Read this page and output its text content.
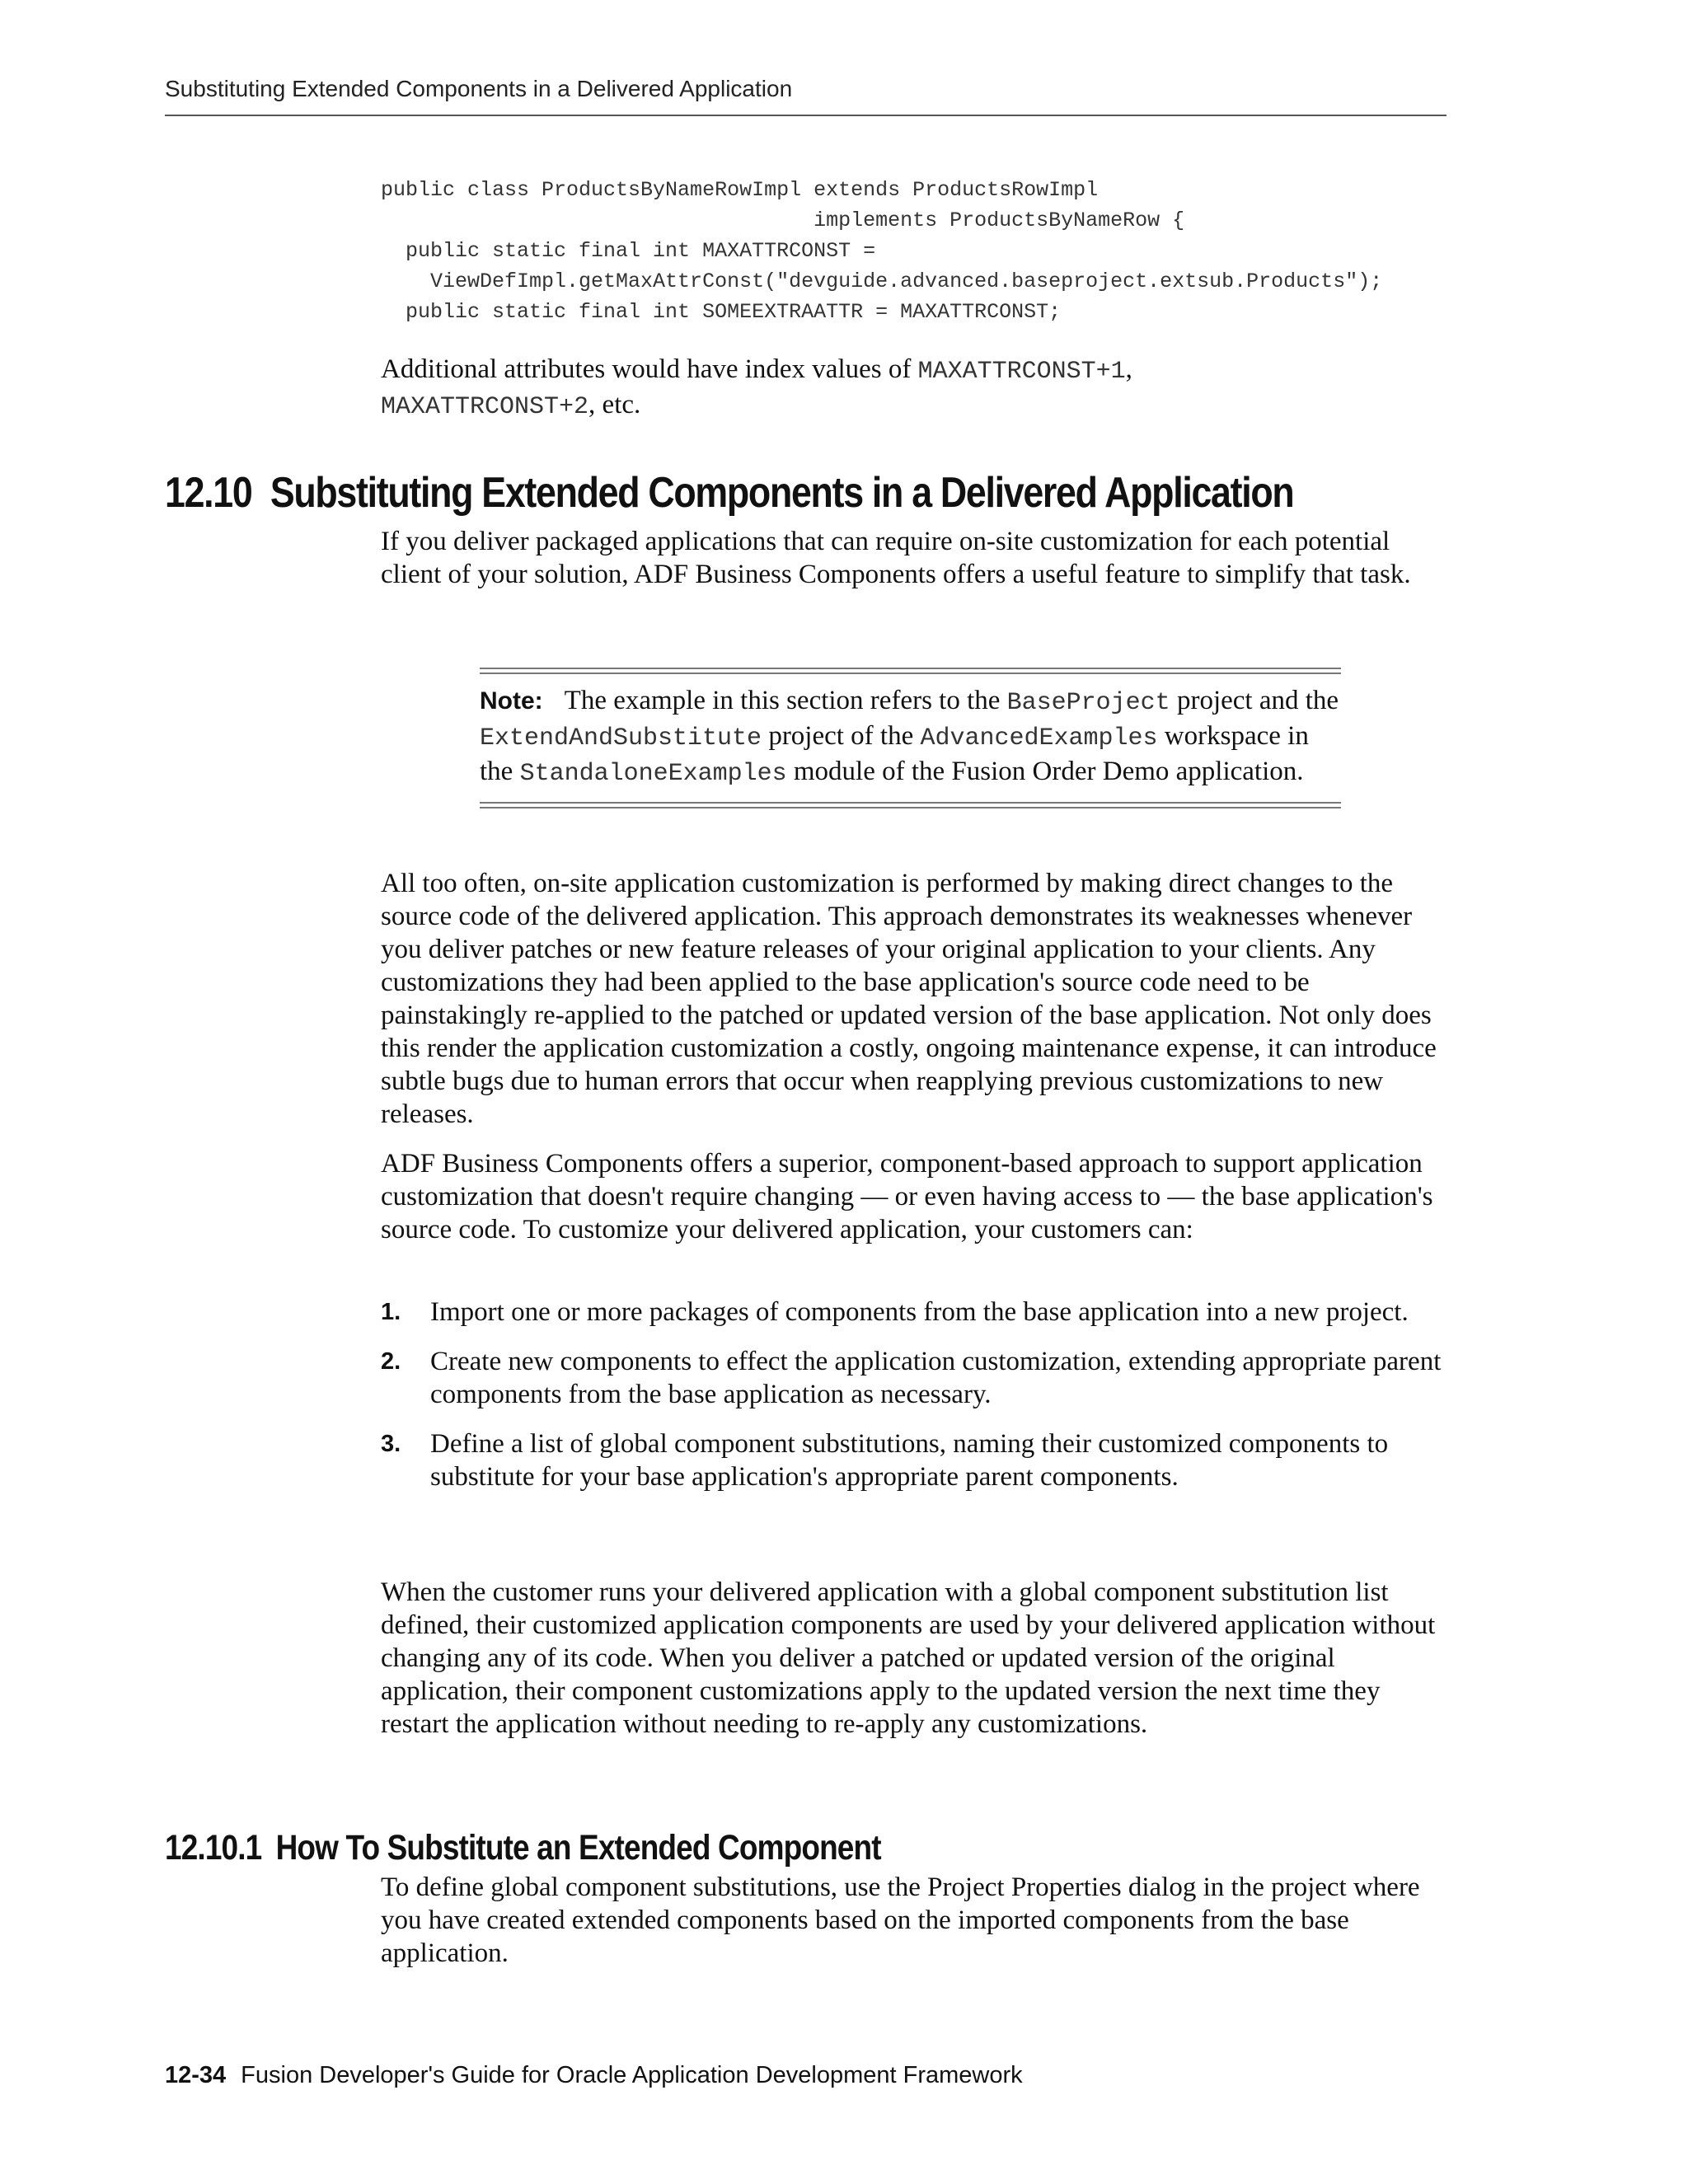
Substituting Extended Components in a Delivered Application
public class ProductsByNameRowImpl extends ProductsRowImpl
implements ProductsByNameRow {
public static final int MAXATTRCONST =
ViewDefImpl.getMaxAttrConst("devguide.advanced.baseproject.extsub.Products");
public static final int SOMEEXTRAATTR = MAXATTRCONST;

Additional attributes would have index values of MAXATTRCONST+1,
MAXATTRCONST+2, etc.

12.10 Substituting Extended Components in a Delivered Application

If you deliver packaged applications that can require on-site customization for each potential client of your solution, ADF Business Components offers a useful feature to simplify that task.

Note: The example in this section refers to the BaseProject project and the ExtendAndSubstitute project of the AdvancedExamples workspace in the StandaloneExamples module of the Fusion Order Demo application.

All too often, on-site application customization is performed by making direct changes to the source code of the delivered application. This approach demonstrates its weaknesses whenever you deliver patches or new feature releases of your original application to your clients. Any customizations they had been applied to the base application's source code need to be painstakingly re-applied to the patched or updated version of the base application. Not only does this render the application customization a costly, ongoing maintenance expense, it can introduce subtle bugs due to human errors that occur when reapplying previous customizations to new releases.

ADF Business Components offers a superior, component-based approach to support application customization that doesn't require changing — or even having access to — the base application's source code. To customize your delivered application, your customers can:

1. Import one or more packages of components from the base application into a new project.
2. Create new components to effect the application customization, extending appropriate parent components from the base application as necessary.
3. Define a list of global component substitutions, naming their customized components to substitute for your base application's appropriate parent components.

When the customer runs your delivered application with a global component substitution list defined, their customized application components are used by your delivered application without changing any of its code. When you deliver a patched or updated version of the original application, their component customizations apply to the updated version the next time they restart the application without needing to re-apply any customizations.

12.10.1 How To Substitute an Extended Component

To define global component substitutions, use the Project Properties dialog in the project where you have created extended components based on the imported components from the base application.

12-34 Fusion Developer's Guide for Oracle Application Development Framework
